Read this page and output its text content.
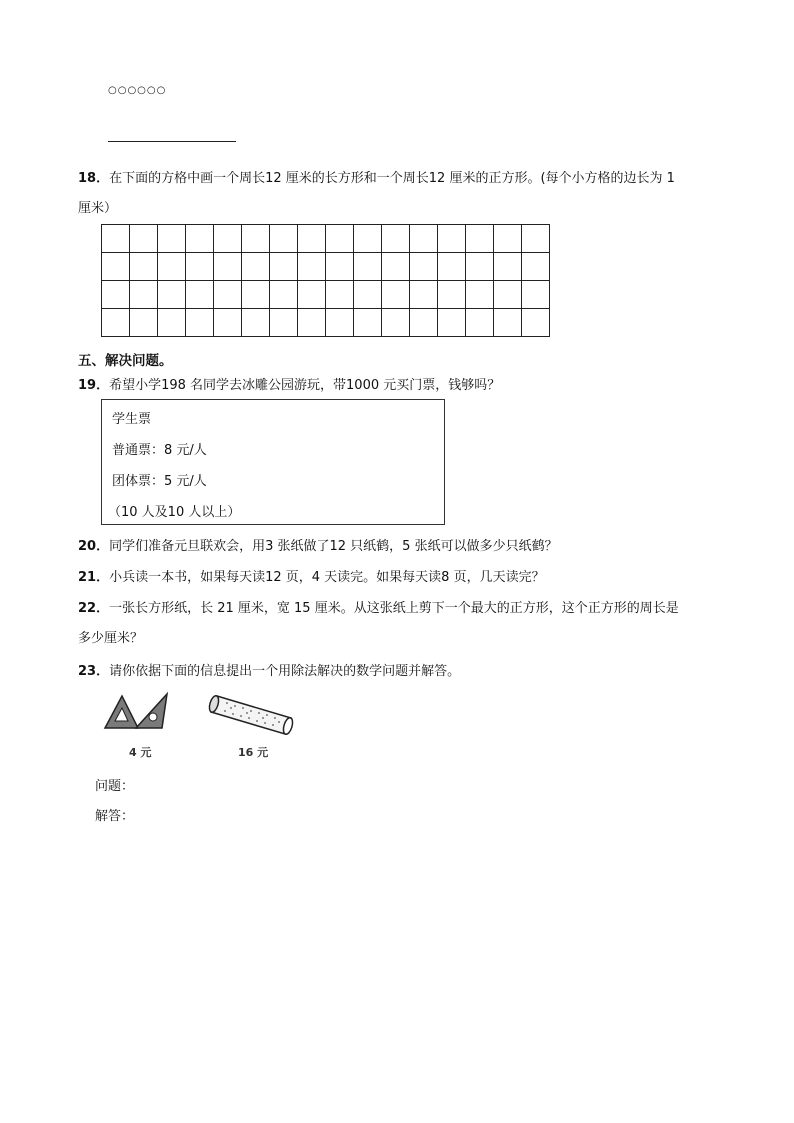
○○○○○○
18．在下面的方格中画一个周长12 厘米的长方形和一个周长12 厘米的正方形。(每个小方格的边长为 1
厘米）

五、解决问题。
19．希望小学198 名同学去冰雕公园游玩，带1000 元买门票，钱够吗？
学生票
普通票：8 元/人
团体票：5 元/人
（10 人及10 人以上）
20．同学们准备元旦联欢会，用3 张纸做了12 只纸鹤，5 张纸可以做多少只纸鹤？
21．小兵读一本书，如果每天读12 页，4 天读完。如果每天读8 页，几天读完？
22．一张长方形纸，长 21 厘米，宽 15 厘米。从这张纸上剪下一个最大的正方形，这个正方形的周长是
多少厘米？
23．请你依据下面的信息提出一个用除法解决的数学问题并解答。
4 元	16 元
问题：
解答：
